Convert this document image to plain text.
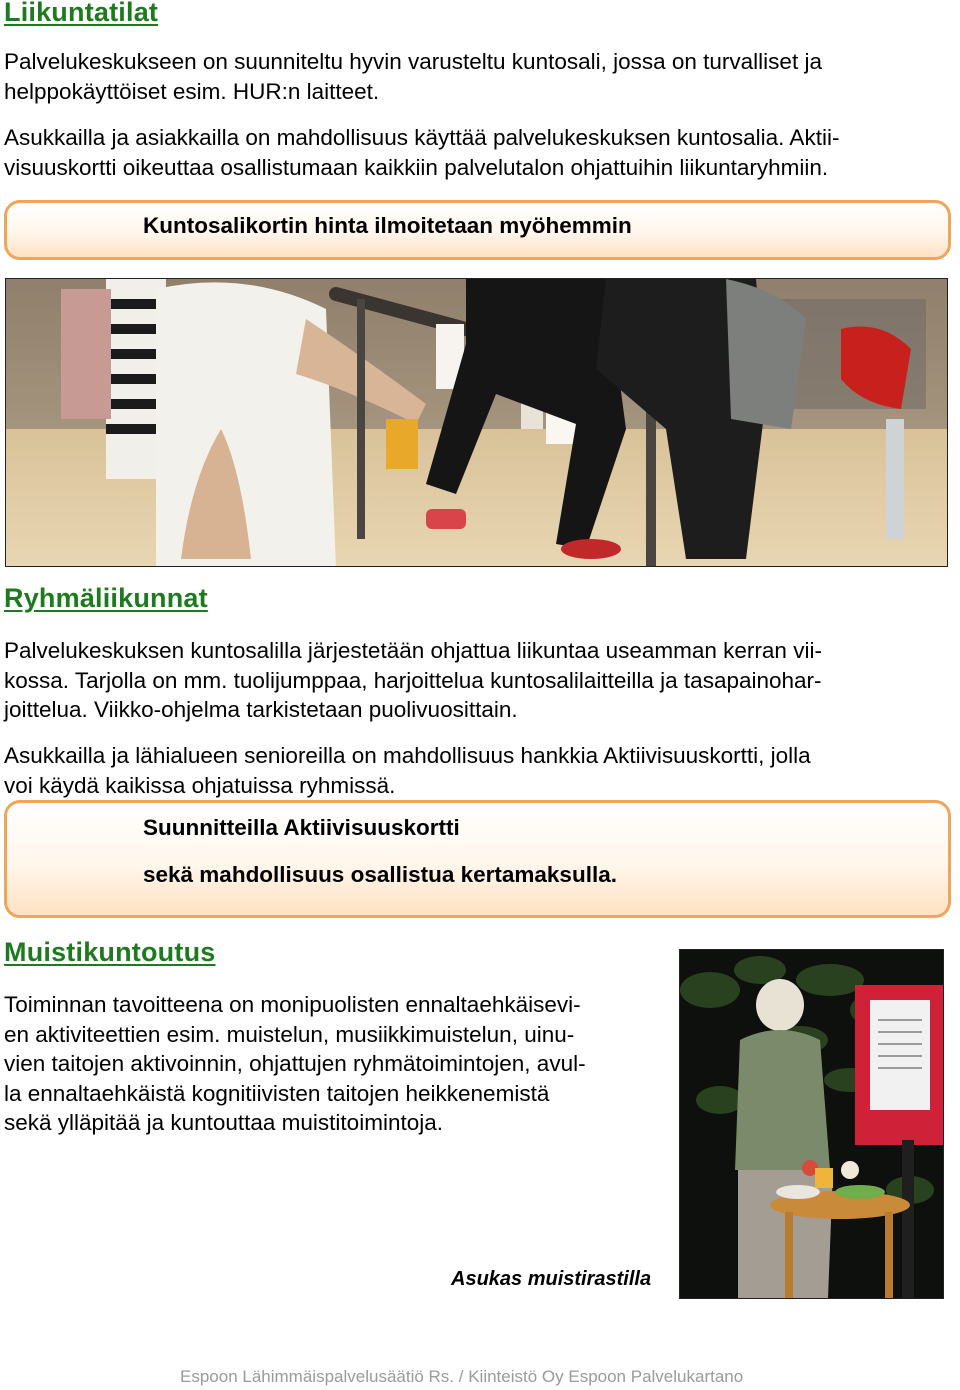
Liikuntatilat
Palvelukeskukseen on suunniteltu hyvin varusteltu kuntosali, jossa on turvalliset ja
helppokäyttöiset esim. HUR:n laitteet.
Asukkailla ja asiakkailla on mahdollisuus käyttää palvelukeskuksen kuntosalia. Aktii-
visuuskortti oikeuttaa osallistumaan kaikkiin palvelutalon ohjattuihin liikuntaryhmiin.

Kuntosalikortin hinta ilmoitetaan myöhemmin

Ryhmäliikunnat
Palvelukeskuksen kuntosalilla järjestetään ohjattua liikuntaa useamman kerran vii-
kossa. Tarjolla on mm. tuolijumppaa, harjoittelua kuntosalilaitteilla ja tasapainohar-
joittelua. Viikko-ohjelma tarkistetaan puolivuosittain.
Asukkailla ja lähialueen senioreilla on mahdollisuus hankkia Aktiivisuuskortti, jolla
voi käydä kaikissa ohjatuissa ryhmissä.

Suunnitteilla Aktiivisuuskortti

sekä mahdollisuus osallistua kertamaksulla.

Muistikuntoutus
Toiminnan tavoitteena on monipuolisten ennaltaehkäisevi-
en aktiviteettien esim. muistelun, musiikkimuistelun, uinu-
vien taitojen aktivoinnin, ohjattujen ryhmätoimintojen, avul-
la ennaltaehkäistä kognitiivisten taitojen heikkenemistä
sekä ylläpitää ja kuntouttaa muistitoimintoja.

Asukas muistirastilla

Espoon Lähimmäispalvelusäätiö Rs. / Kiinteistö Oy Espoon Palvelukartano
